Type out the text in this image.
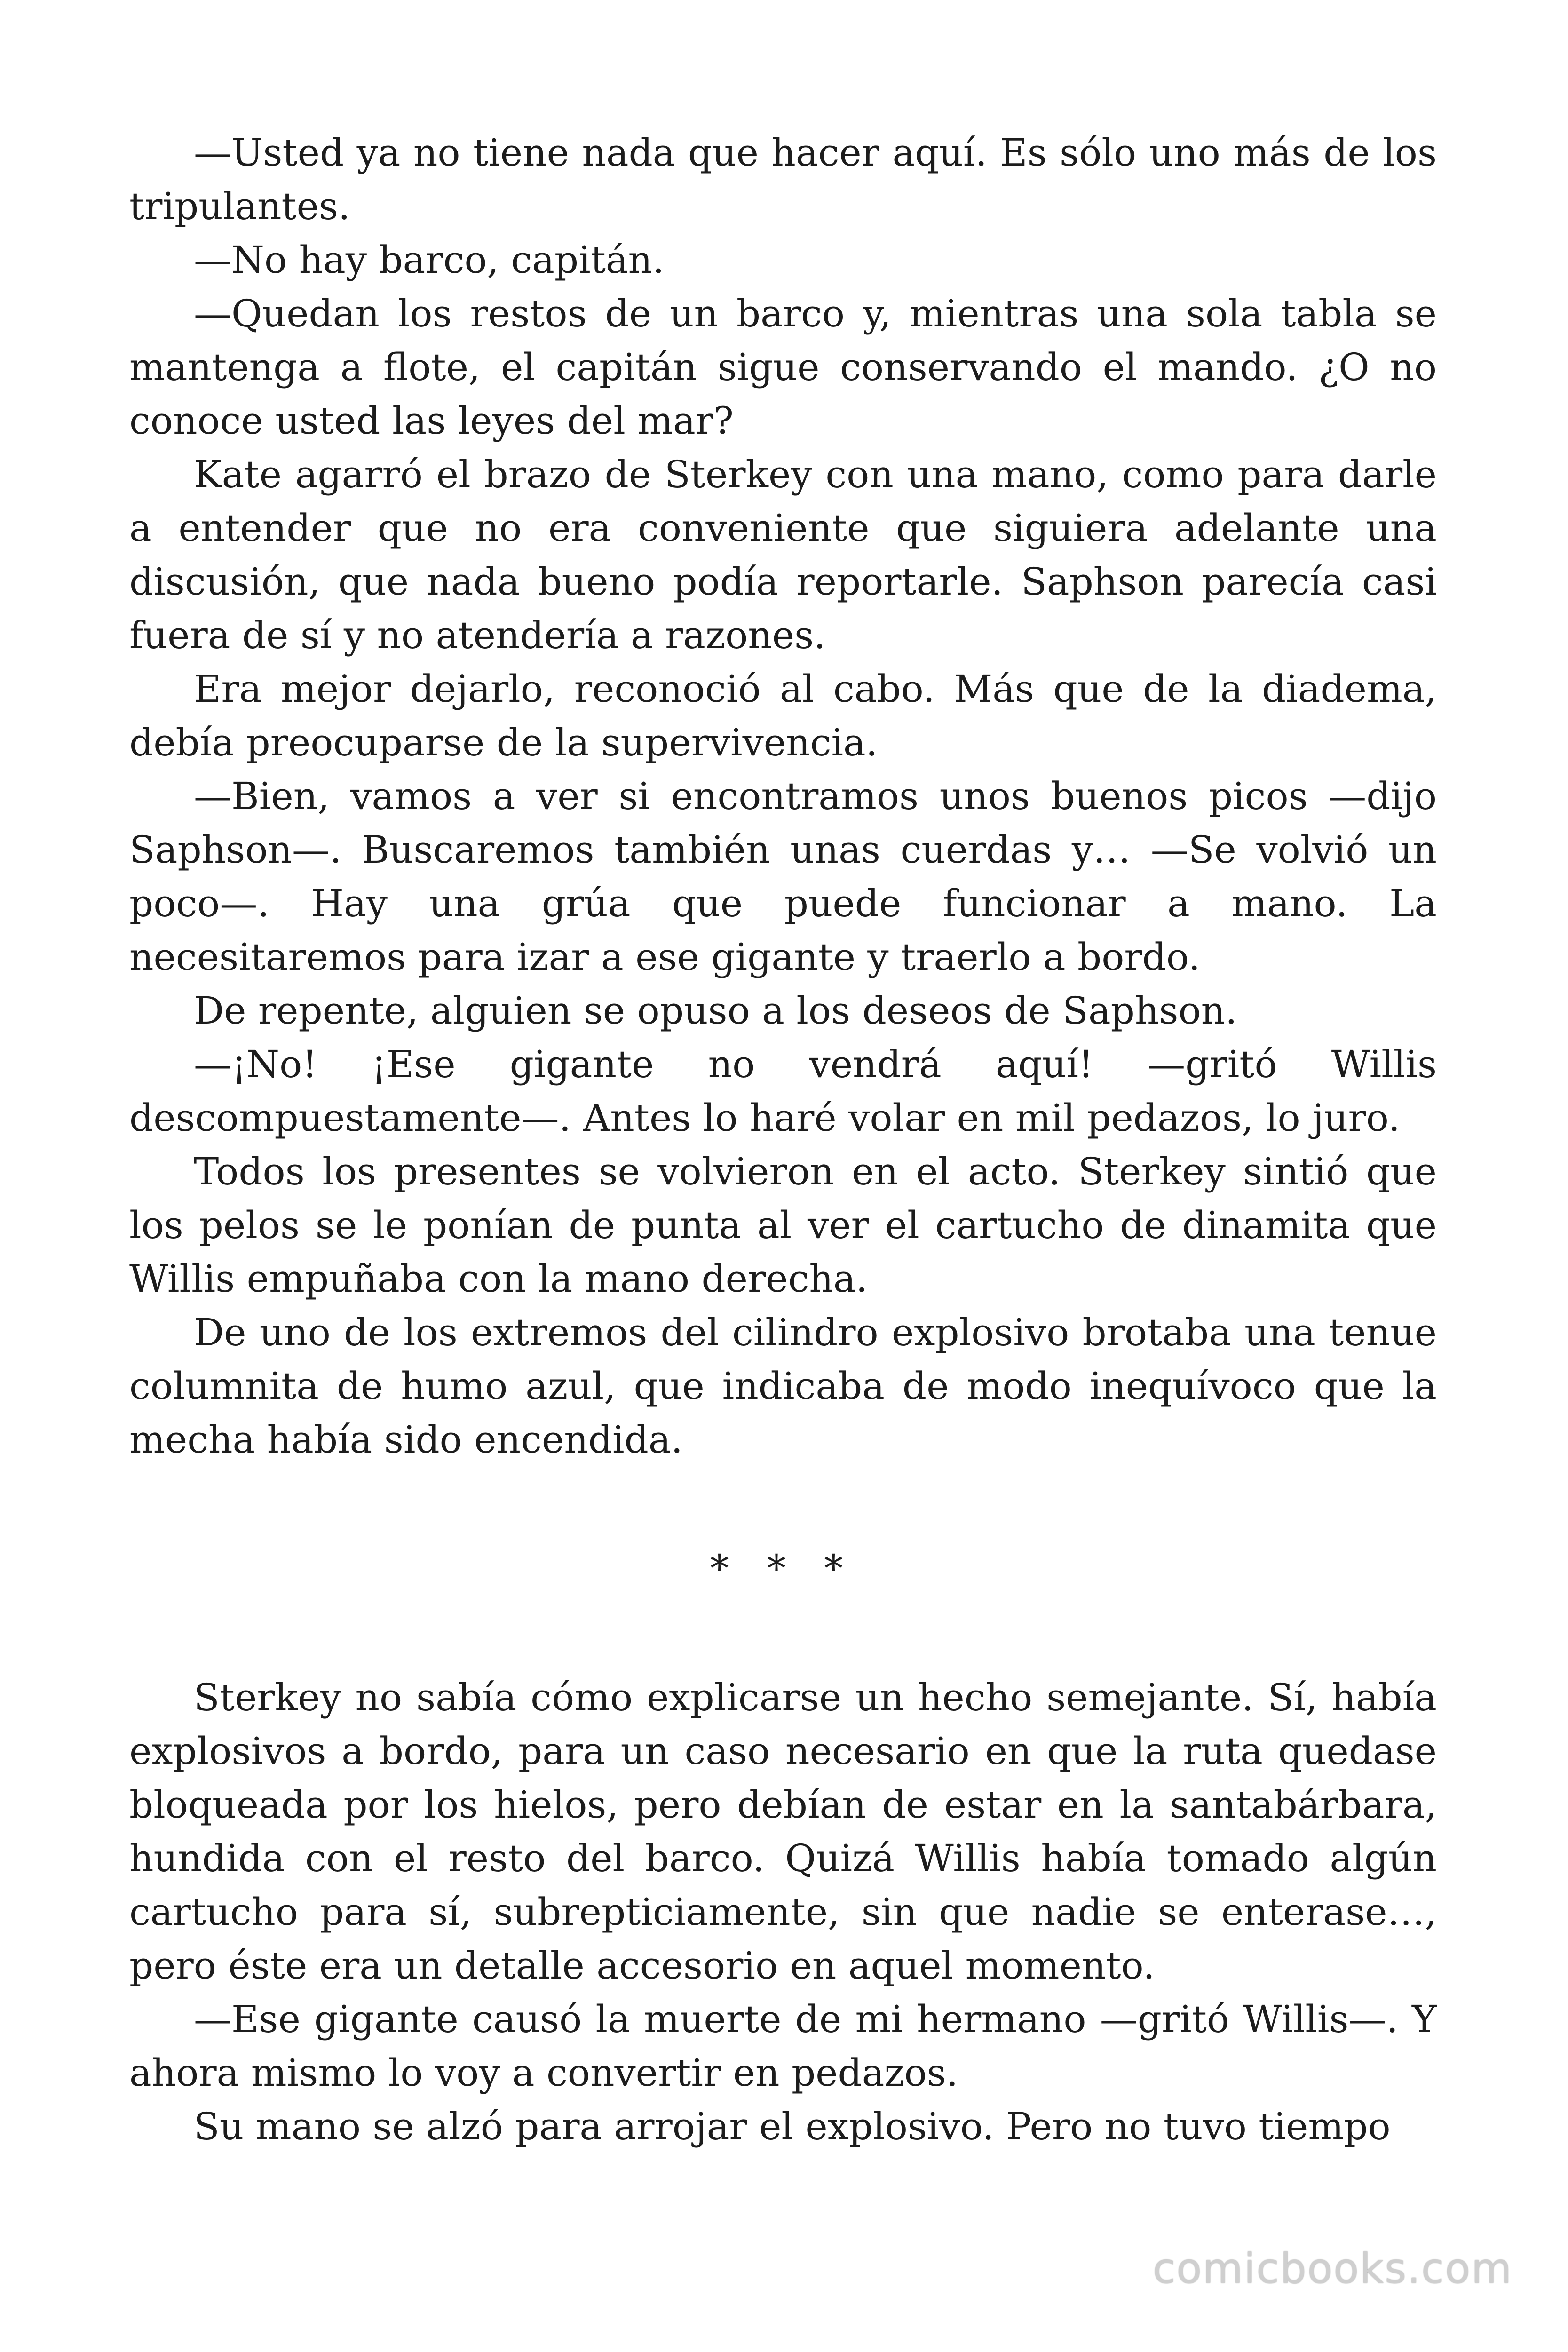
—Usted ya no tiene nada que hacer aquí. Es sólo uno más de los tripulantes.

—No hay barco, capitán.

—Quedan los restos de un barco y, mientras una sola tabla se mantenga a flote, el capitán sigue conservando el mando. ¿O no conoce usted las leyes del mar?

Kate agarró el brazo de Sterkey con una mano, como para darle a entender que no era conveniente que siguiera adelante una discusión, que nada bueno podía reportarle. Saphson parecía casi fuera de sí y no atendería a razones.

Era mejor dejarlo, reconoció al cabo. Más que de la diadema, debía preocuparse de la supervivencia.

—Bien, vamos a ver si encontramos unos buenos picos —dijo Saphson—. Buscaremos también unas cuerdas y… —Se volvió un poco—. Hay una grúa que puede funcionar a mano. La necesitaremos para izar a ese gigante y traerlo a bordo.

De repente, alguien se opuso a los deseos de Saphson.

—¡No! ¡Ese gigante no vendrá aquí! —gritó Willis descompuestamente—. Antes lo haré volar en mil pedazos, lo juro.

Todos los presentes se volvieron en el acto. Sterkey sintió que los pelos se le ponían de punta al ver el cartucho de dinamita que Willis empuñaba con la mano derecha.

De uno de los extremos del cilindro explosivo brotaba una tenue columnita de humo azul, que indicaba de modo inequívoco que la mecha había sido encendida.

* * *

Sterkey no sabía cómo explicarse un hecho semejante. Sí, había explosivos a bordo, para un caso necesario en que la ruta quedase bloqueada por los hielos, pero debían de estar en la santabárbara, hundida con el resto del barco. Quizá Willis había tomado algún cartucho para sí, subrepticiamente, sin que nadie se enterase…, pero éste era un detalle accesorio en aquel momento.

—Ese gigante causó la muerte de mi hermano —gritó Willis—. Y ahora mismo lo voy a convertir en pedazos.

Su mano se alzó para arrojar el explosivo. Pero no tuvo tiempo

comicbooks.com
